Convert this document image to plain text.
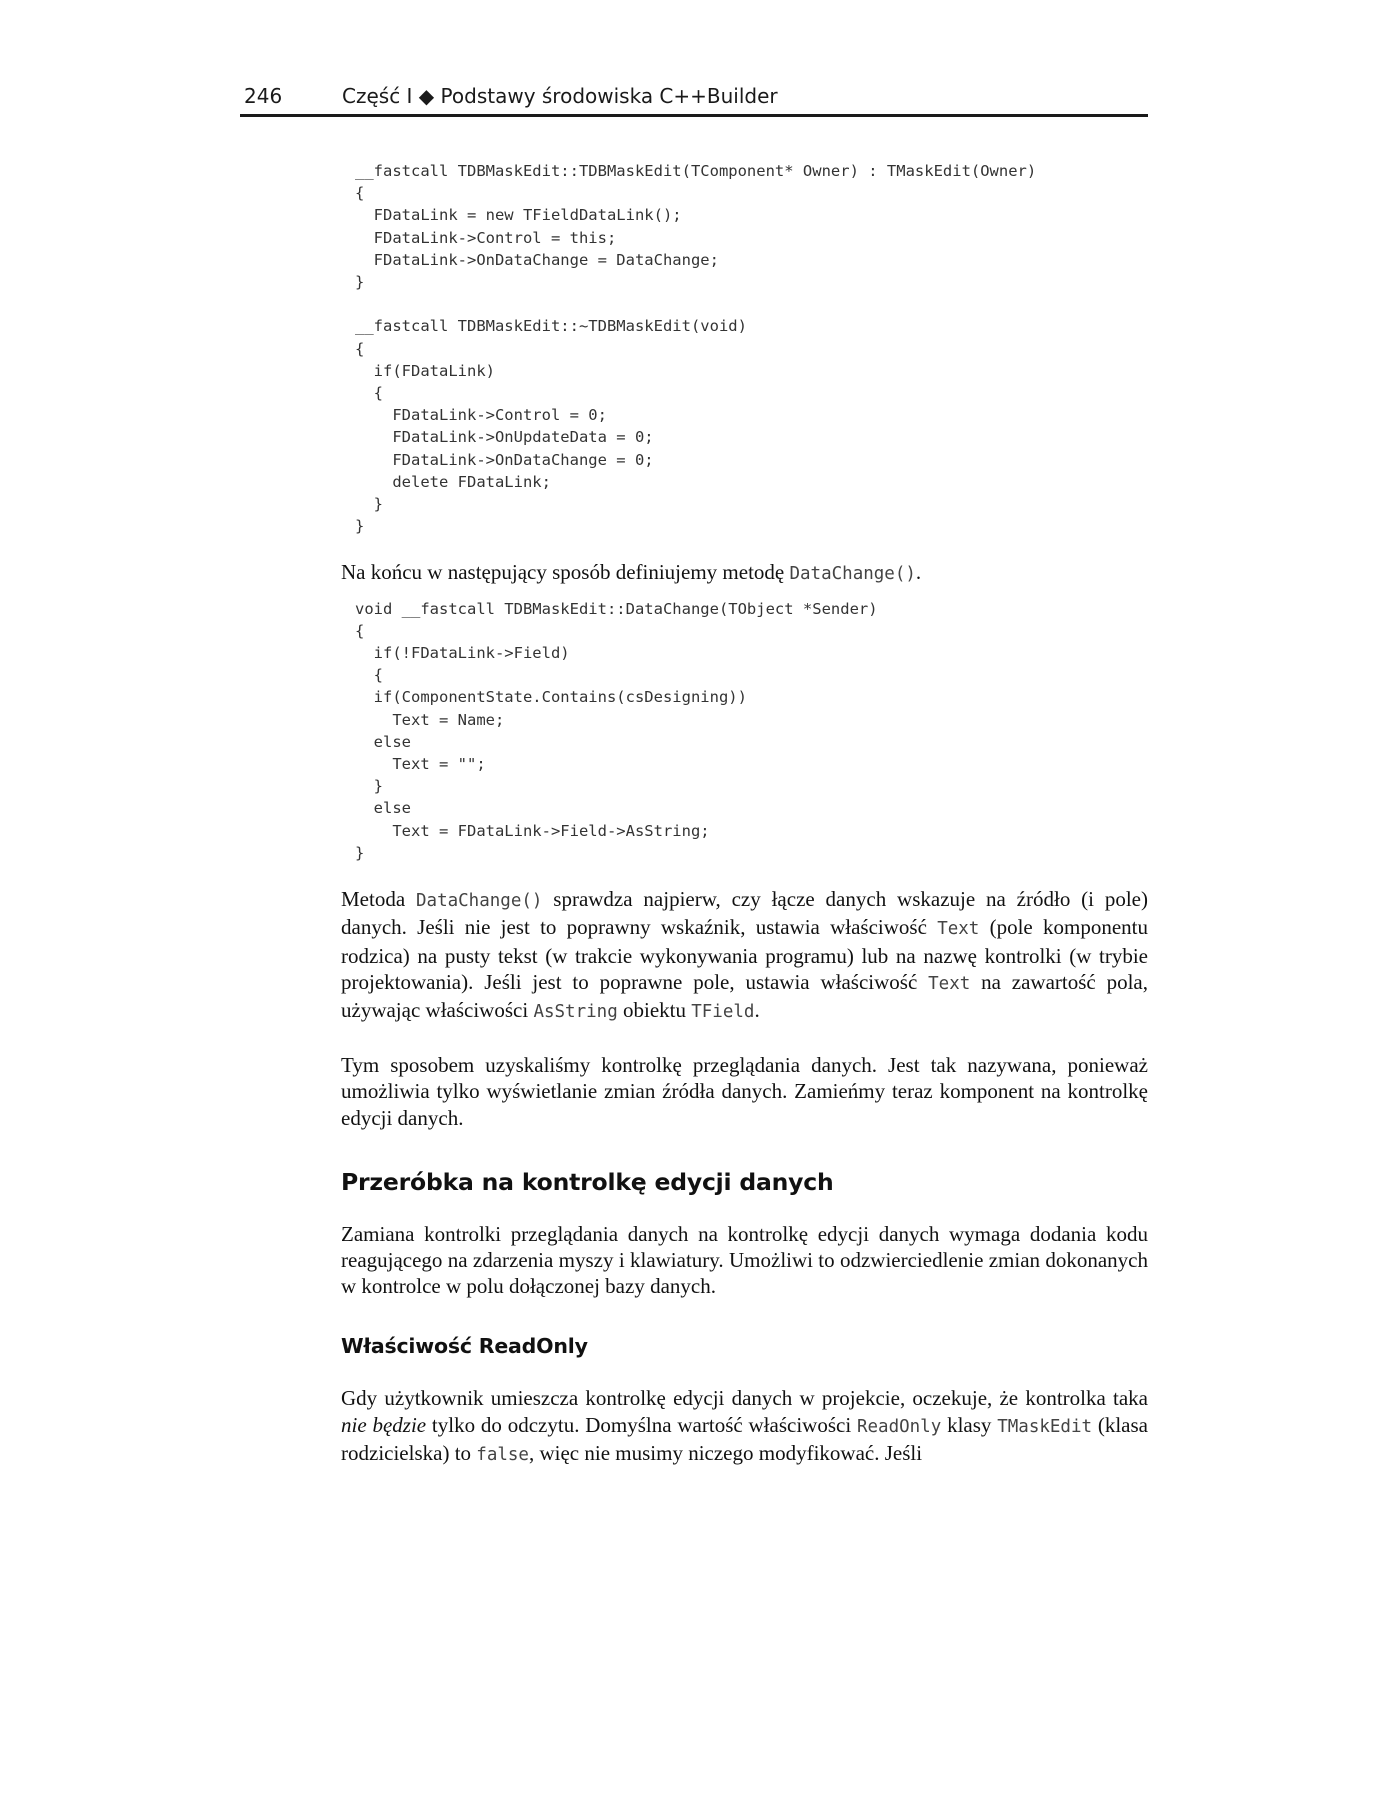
246	Część I ◆ Podstawy środowiska C++Builder
__fastcall TDBMaskEdit::TDBMaskEdit(TComponent* Owner) : TMaskEdit(Owner)
{
FDataLink = new TFieldDataLink();
FDataLink->Control = this;
FDataLink->OnDataChange = DataChange;
}

__fastcall TDBMaskEdit::~TDBMaskEdit(void)
{
if(FDataLink)
{
FDataLink->Control = 0;
FDataLink->OnUpdateData = 0;
FDataLink->OnDataChange = 0;
delete FDataLink;
}
}

Na końcu w następujący sposób definiujemy metodę DataChange().

void __fastcall TDBMaskEdit::DataChange(TObject *Sender)
{
if(!FDataLink->Field)
{
if(ComponentState.Contains(csDesigning))
Text = Name;
else
Text = "";
}
else
Text = FDataLink->Field->AsString;
}

Metoda DataChange() sprawdza najpierw, czy łącze danych wskazuje na źródło (i pole) danych. Jeśli nie jest to poprawny wskaźnik, ustawia właściwość Text (pole komponentu rodzica) na pusty tekst (w trakcie wykonywania programu) lub na nazwę kontrolki (w trybie projektowania). Jeśli jest to poprawne pole, ustawia właściwość Text na zawartość pola, używając właściwości AsString obiektu TField.

Tym sposobem uzyskaliśmy kontrolkę przeglądania danych. Jest tak nazywana, ponieważ umożliwia tylko wyświetlanie zmian źródła danych. Zamieńmy teraz komponent na kontrolkę edycji danych.

Przeróbka na kontrolkę edycji danych

Zamiana kontrolki przeglądania danych na kontrolkę edycji danych wymaga dodania kodu reagującego na zdarzenia myszy i klawiatury. Umożliwi to odzwierciedlenie zmian dokonanych w kontrolce w polu dołączonej bazy danych.

Właściwość ReadOnly

Gdy użytkownik umieszcza kontrolkę edycji danych w projekcie, oczekuje, że kontrolka taka nie będzie tylko do odczytu. Domyślna wartość właściwości ReadOnly klasy TMaskEdit (klasa rodzicielska) to false, więc nie musimy niczego modyfikować. Jeśli
